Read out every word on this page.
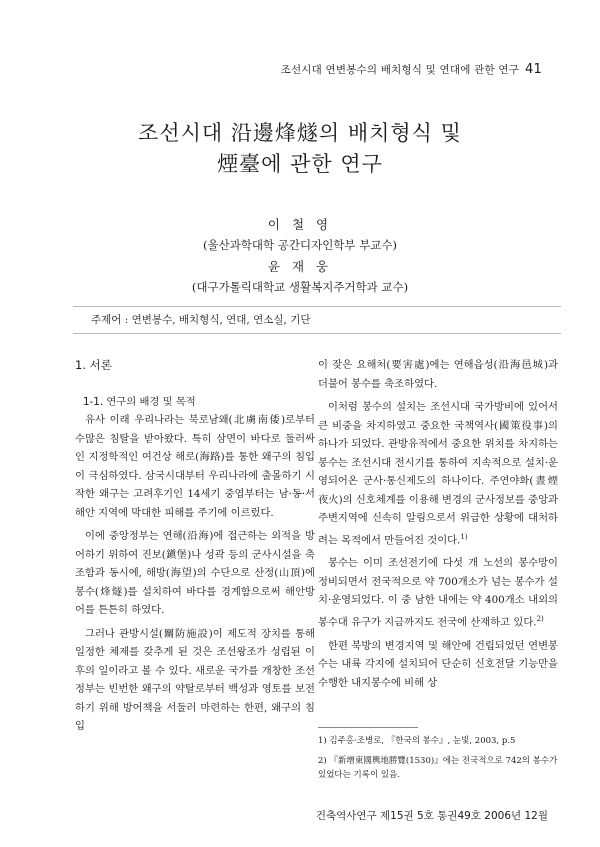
조선시대 연변봉수의 배치형식 및 연대에 관한 연구 41
조선시대 沿邊烽燧의 배치형식 및
煙臺에 관한 연구
이 철 영
(울산과학대학 공간디자인학부 부교수)
윤 재 웅
(대구가톨릭대학교 생활복지주거학과 교수)
주제어 : 연변봉수, 배치형식, 연대, 연소실, 기단
1. 서론
1-1. 연구의 배경 및 목적

유사 이래 우리나라는 북로남왜(北虜南倭)로부터 수많은 침탈을 받아왔다. 특히 삼면이 바다로 둘러싸인 지정학적인 여건상 해로(海路)를 통한 왜구의 침입이 극심하였다. 삼국시대부터 우리나라에 출몰하기 시작한 왜구는 고려후기인 14세기 중엽부터는 남·동·서해안 지역에 막대한 피해를 주기에 이르렀다.

이에 중앙정부는 연해(沿海)에 접근하는 외적을 방어하기 위하여 진보(鎭堡)나 성곽 등의 군사시설을 축조함과 동시에, 해방(海望)의 수단으로 산정(山頂)에 봉수(烽燧)를 설치하여 바다를 경계함으로써 해안방어를 튼튼히 하였다.

그러나 관방시설(關防施設)이 제도적 장치를 통해 일정한 체제를 갖추게 된 것은 조선왕조가 성립된 이후의 일이라고 볼 수 있다. 새로운 국가를 개창한 조선정부는 빈번한 왜구의 약탈로부터 백성과 영토를 보전하기 위해 방어책을 서둘러 마련하는 한편, 왜구의 침입

이 잦은 요해처(要害處)에는 연해읍성(沿海邑城)과 더불어 봉수를 축조하였다.

이처럼 봉수의 설치는 조선시대 국가방비에 있어서 큰 비중을 차지하였고 중요한 국책역사(國策役事)의 하나가 되었다. 관방유적에서 중요한 위치를 차지하는 봉수는 조선시대 전시기를 통하여 지속적으로 설치·운영되어온 군사·통신제도의 하나이다. 주연야화(晝煙夜火)의 신호체계를 이용해 변경의 군사정보를 중앙과 주변지역에 신속히 알림으로서 위급한 상황에 대처하려는 목적에서 만들어진 것이다.$^{1)}$

봉수는 이미 조선전기에 다섯 개 노선의 봉수망이 정비되면서 전국적으로 약 700개소가 넘는 봉수가 설치·운영되었다. 이 중 남한 내에는 약 400개소 내외의 봉수대 유구가 지금까지도 전국에 산재하고 있다.$^{2)}$

한편 북방의 변경지역 및 해안에 건립되었던 연변봉수는 내륙 각지에 설치되어 단순히 신호전달 기능만을 수행한 내지봉수에 비해 상

1) 김주홍·조병로, 『한국의 봉수』, 눈빛, 2003, p.5
2) 『新增東國輿地勝覽(1530)』에는 전국적으로 742의 봉수가 있었다는 기록이 있음.
건축역사연구 제15권 5호 통권49호 2006년 12월
